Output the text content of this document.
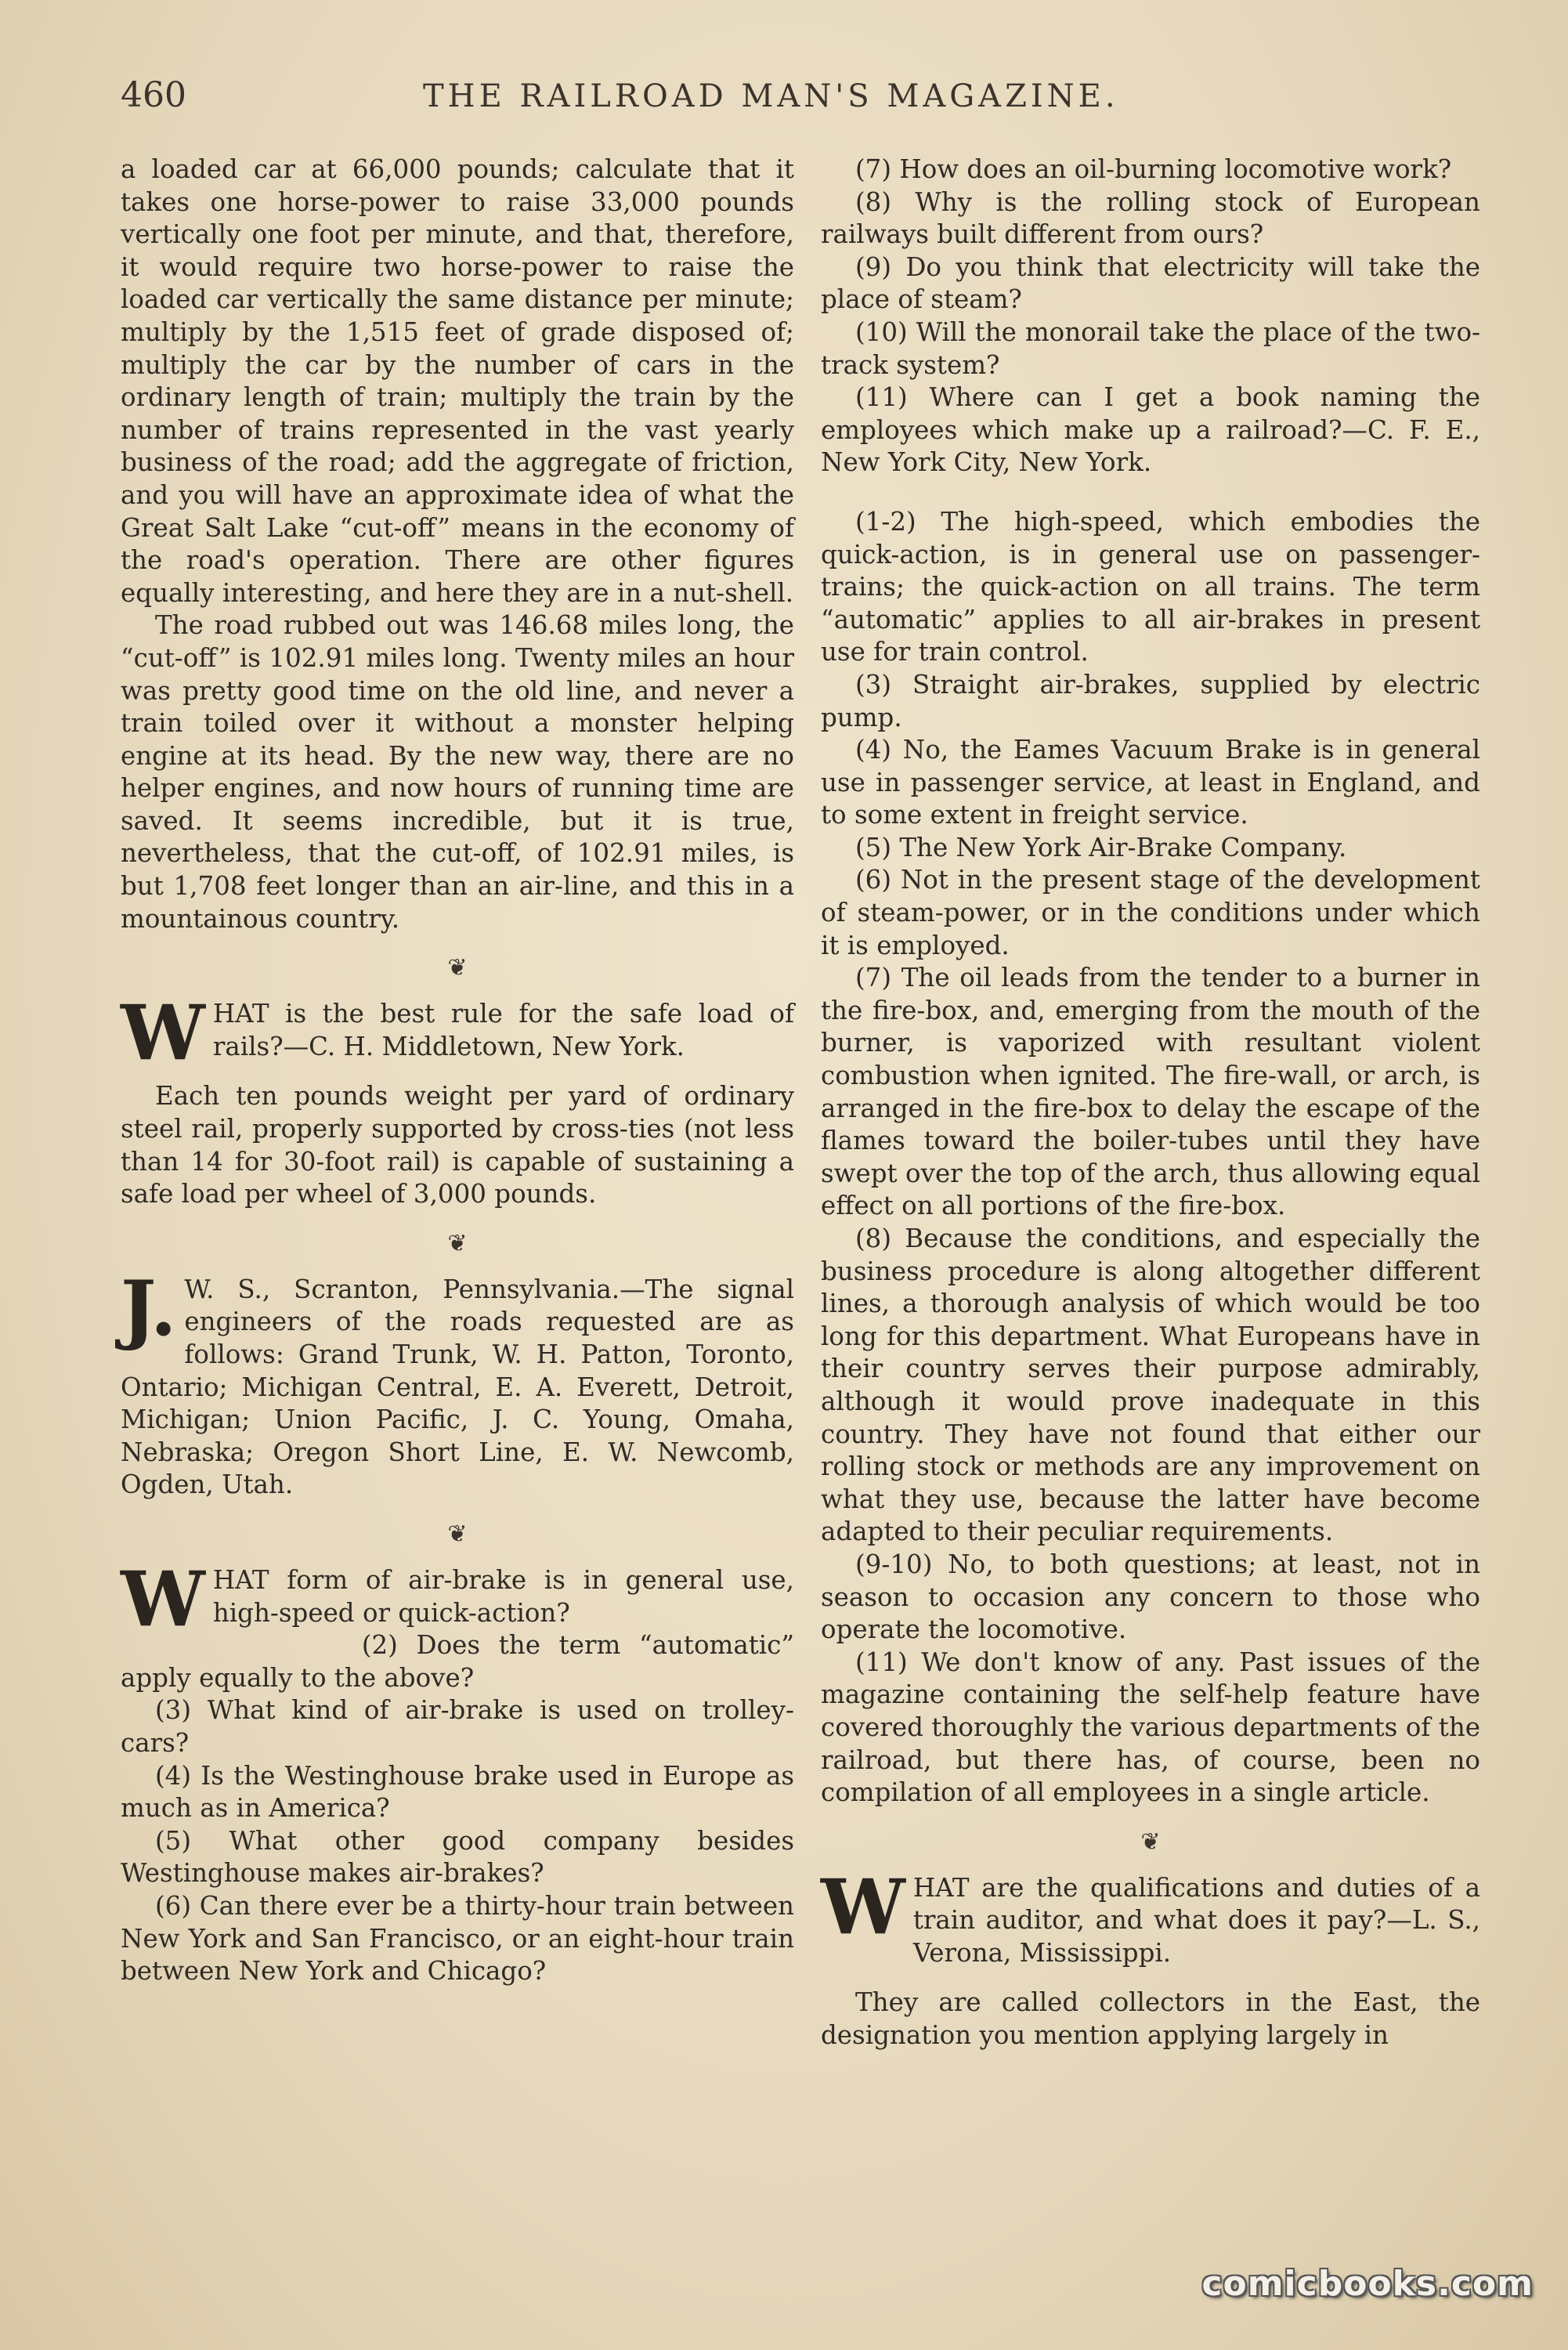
460	THE RAILROAD MAN'S MAGAZINE.

a loaded car at 66,000 pounds; calculate that it takes one horse-power to raise 33,000 pounds vertically one foot per minute, and that, therefore, it would require two horse-power to raise the loaded car vertically the same distance per minute; multiply by the 1,515 feet of grade disposed of; multiply the car by the number of cars in the ordinary length of train; multiply the train by the number of trains represented in the vast yearly business of the road; add the aggregate of friction, and you will have an approximate idea of what the Great Salt Lake “cut-off” means in the economy of the road's operation. There are other figures equally interesting, and here they are in a nut-shell.

The road rubbed out was 146.68 miles long, the “cut-off” is 102.91 miles long. Twenty miles an hour was pretty good time on the old line, and never a train toiled over it without a monster helping engine at its head. By the new way, there are no helper engines, and now hours of running time are saved. It seems incredible, but it is true, nevertheless, that the cut-off, of 102.91 miles, is but 1,708 feet longer than an air-line, and this in a mountainous country.

❦
W HAT is the best rule for the safe load of rails?—C. H. Middletown, New York.

Each ten pounds weight per yard of ordinary steel rail, properly supported by cross-ties (not less than 14 for 30-foot rail) is capable of sustaining a safe load per wheel of 3,000 pounds.

❦
J. W. S., Scranton, Pennsylvania.—The signal engineers of the roads requested are as follows: Grand Trunk, W. H. Patton, Toronto, Ontario; Michigan Central, E. A. Everett, Detroit, Michigan; Union Pacific, J. C. Young, Omaha, Nebraska; Oregon Short Line, E. W. Newcomb, Ogden, Utah.

❦
W HAT form of air-brake is in general use, high-speed or quick-action?

(2) Does the term “automatic” apply equally to the above?

(3) What kind of air-brake is used on trolley-cars?

(4) Is the Westinghouse brake used in Europe as much as in America?

(5) What other good company besides Westinghouse makes air-brakes?

(6) Can there ever be a thirty-hour train between New York and San Francisco, or an eight-hour train between New York and Chicago?

(7) How does an oil-burning locomotive work?

(8) Why is the rolling stock of European railways built different from ours?

(9) Do you think that electricity will take the place of steam?

(10) Will the monorail take the place of the two-track system?

(11) Where can I get a book naming the employees which make up a railroad?—C. F. E., New York City, New York.

(1-2) The high-speed, which embodies the quick-action, is in general use on passenger-trains; the quick-action on all trains. The term “automatic” applies to all air-brakes in present use for train control.

(3) Straight air-brakes, supplied by electric pump.

(4) No, the Eames Vacuum Brake is in general use in passenger service, at least in England, and to some extent in freight service.

(5) The New York Air-Brake Company.

(6) Not in the present stage of the development of steam-power, or in the conditions under which it is employed.

(7) The oil leads from the tender to a burner in the fire-box, and, emerging from the mouth of the burner, is vaporized with resultant violent combustion when ignited. The fire-wall, or arch, is arranged in the fire-box to delay the escape of the flames toward the boiler-tubes until they have swept over the top of the arch, thus allowing equal effect on all portions of the fire-box.

(8) Because the conditions, and especially the business procedure is along altogether different lines, a thorough analysis of which would be too long for this department. What Europeans have in their country serves their purpose admirably, although it would prove inadequate in this country. They have not found that either our rolling stock or methods are any improvement on what they use, because the latter have become adapted to their peculiar requirements.

(9-10) No, to both questions; at least, not in season to occasion any concern to those who operate the locomotive.

(11) We don't know of any. Past issues of the magazine containing the self-help feature have covered thoroughly the various departments of the railroad, but there has, of course, been no compilation of all employees in a single article.

❦
W HAT are the qualifications and duties of a train auditor, and what does it pay?—L. S., Verona, Mississippi.

They are called collectors in the East, the designation you mention applying largely in

comicbooks.com
